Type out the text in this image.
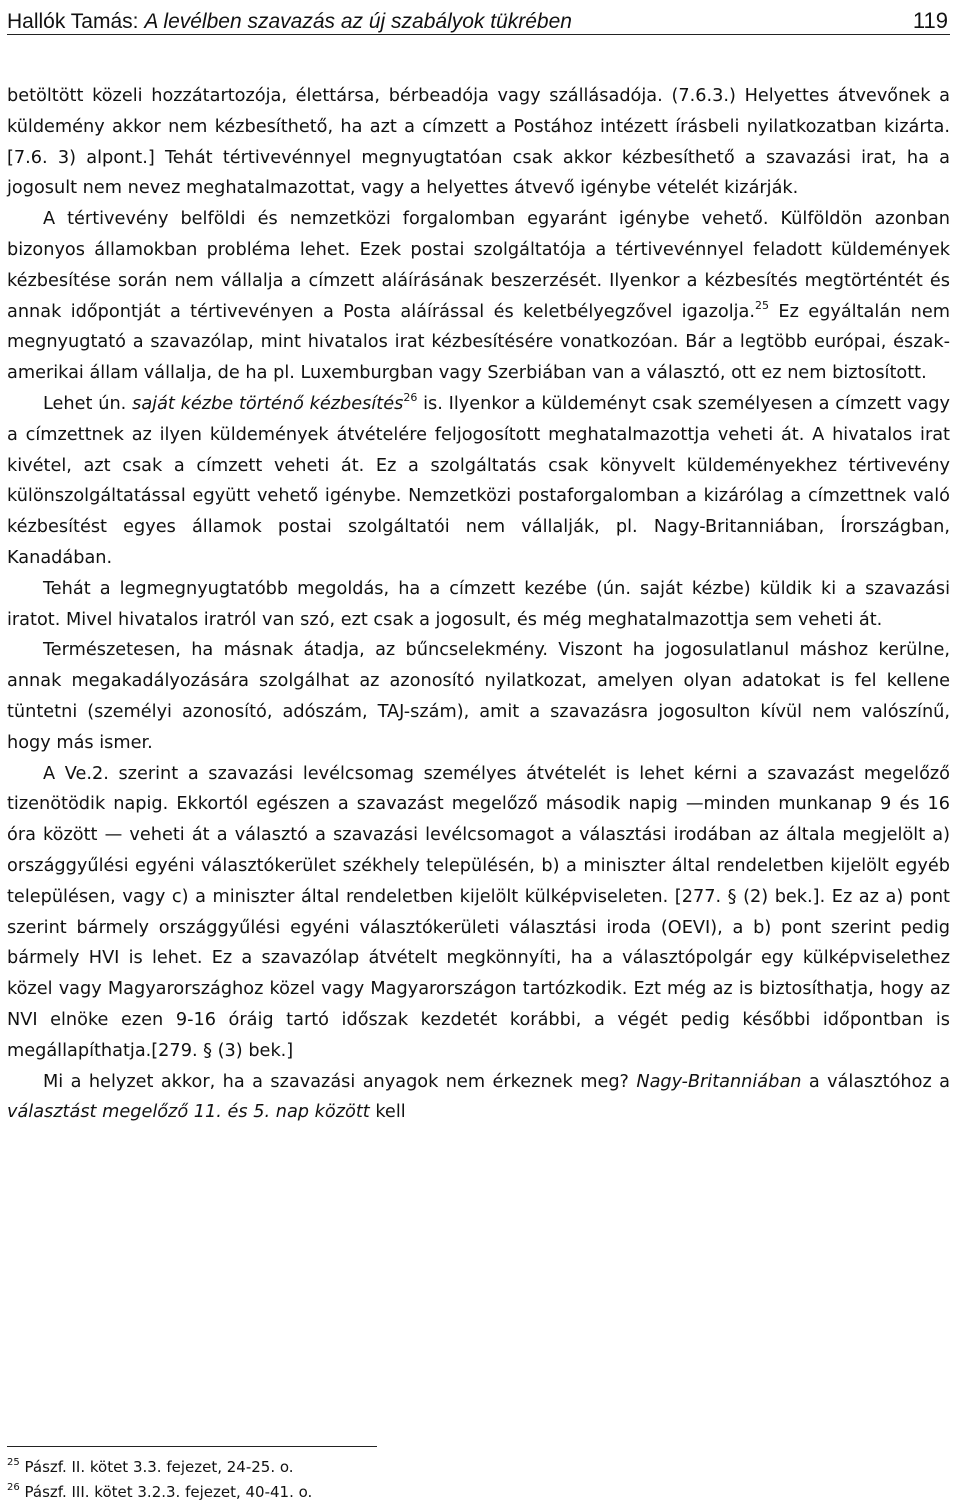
Hallók Tamás: A levélben szavazás az új szabályok tükrében	119

betöltött közeli hozzátartozója, élettársa, bérbeadója vagy szállásadója. (7.6.3.) Helyettes átvevőnek a küldemény akkor nem kézbesíthető, ha azt a címzett a Postához intézett írásbeli nyilatkozatban kizárta. [7.6. 3) alpont.] Tehát tértivevénnyel megnyugtatóan csak akkor kézbesíthető a szavazási irat, ha a jogosult nem nevez meghatalmazottat, vagy a helyettes átvevő igénybe vételét kizárják.

A tértivevény belföldi és nemzetközi forgalomban egyaránt igénybe vehető. Külföldön azonban bizonyos államokban probléma lehet. Ezek postai szolgáltatója a tértivevénnyel feladott küldemények kézbesítése során nem vállalja a címzett aláírásának beszerzését. Ilyenkor a kézbesítés megtörténtét és annak időpontját a tértivevényen a Posta aláírással és keletbélyegzővel igazolja.$^{25}$ Ez egyáltalán nem megnyugtató a szavazólap, mint hivatalos irat kézbesítésére vonatkozóan. Bár a legtöbb európai, észak-amerikai állam vállalja, de ha pl. Luxemburgban vagy Szerbiában van a választó, ott ez nem biztosított.

Lehet ún. saját kézbe történő kézbesítés$^{26}$ is. Ilyenkor a küldeményt csak személyesen a címzett vagy a címzettnek az ilyen küldemények átvételére feljogosított meghatalmazottja veheti át. A hivatalos irat kivétel, azt csak a címzett veheti át. Ez a szolgáltatás csak könyvelt küldeményekhez tértivevény különszolgáltatással együtt vehető igénybe. Nemzetközi postaforgalomban a kizárólag a címzettnek való kézbesítést egyes államok postai szolgáltatói nem vállalják, pl. Nagy-Britanniában, Írországban, Kanadában.

Tehát a legmegnyugtatóbb megoldás, ha a címzett kezébe (ún. saját kézbe) küldik ki a szavazási iratot. Mivel hivatalos iratról van szó, ezt csak a jogosult, és még meghatalmazottja sem veheti át.

Természetesen, ha másnak átadja, az bűncselekmény. Viszont ha jogosulatlanul máshoz kerülne, annak megakadályozására szolgálhat az azonosító nyilatkozat, amelyen olyan adatokat is fel kellene tüntetni (személyi azonosító, adószám, TAJ-szám), amit a szavazásra jogosulton kívül nem valószínű, hogy más ismer.

A Ve.2. szerint a szavazási levélcsomag személyes átvételét is lehet kérni a szavazást megelőző tizenötödik napig. Ekkortól egészen a szavazást megelőző második napig —minden munkanap 9 és 16 óra között — veheti át a választó a szavazási levélcsomagot a választási irodában az általa megjelölt a) országgyűlési egyéni választókerület székhely településén, b) a miniszter által rendeletben kijelölt egyéb településen, vagy c) a miniszter által rendeletben kijelölt külképviseleten. [277. § (2) bek.]. Ez az a) pont szerint bármely országgyűlési egyéni választókerületi választási iroda (OEVI), a b) pont szerint pedig bármely HVI is lehet. Ez a szavazólap átvételt megkönnyíti, ha a választópolgár egy külképviselethez közel vagy Magyarországhoz közel vagy Magyarországon tartózkodik. Ezt még az is biztosíthatja, hogy az NVI elnöke ezen 9-16 óráig tartó időszak kezdetét korábbi, a végét pedig későbbi időpontban is megállapíthatja.[279. § (3) bek.]

Mi a helyzet akkor, ha a szavazási anyagok nem érkeznek meg? Nagy-Britanniában a választóhoz a választást megelőző 11. és 5. nap között kell

$^{25}$ Pászf. II. kötet 3.3. fejezet, 24-25. o.
$^{26}$ Pászf. III. kötet 3.2.3. fejezet, 40-41. o.
